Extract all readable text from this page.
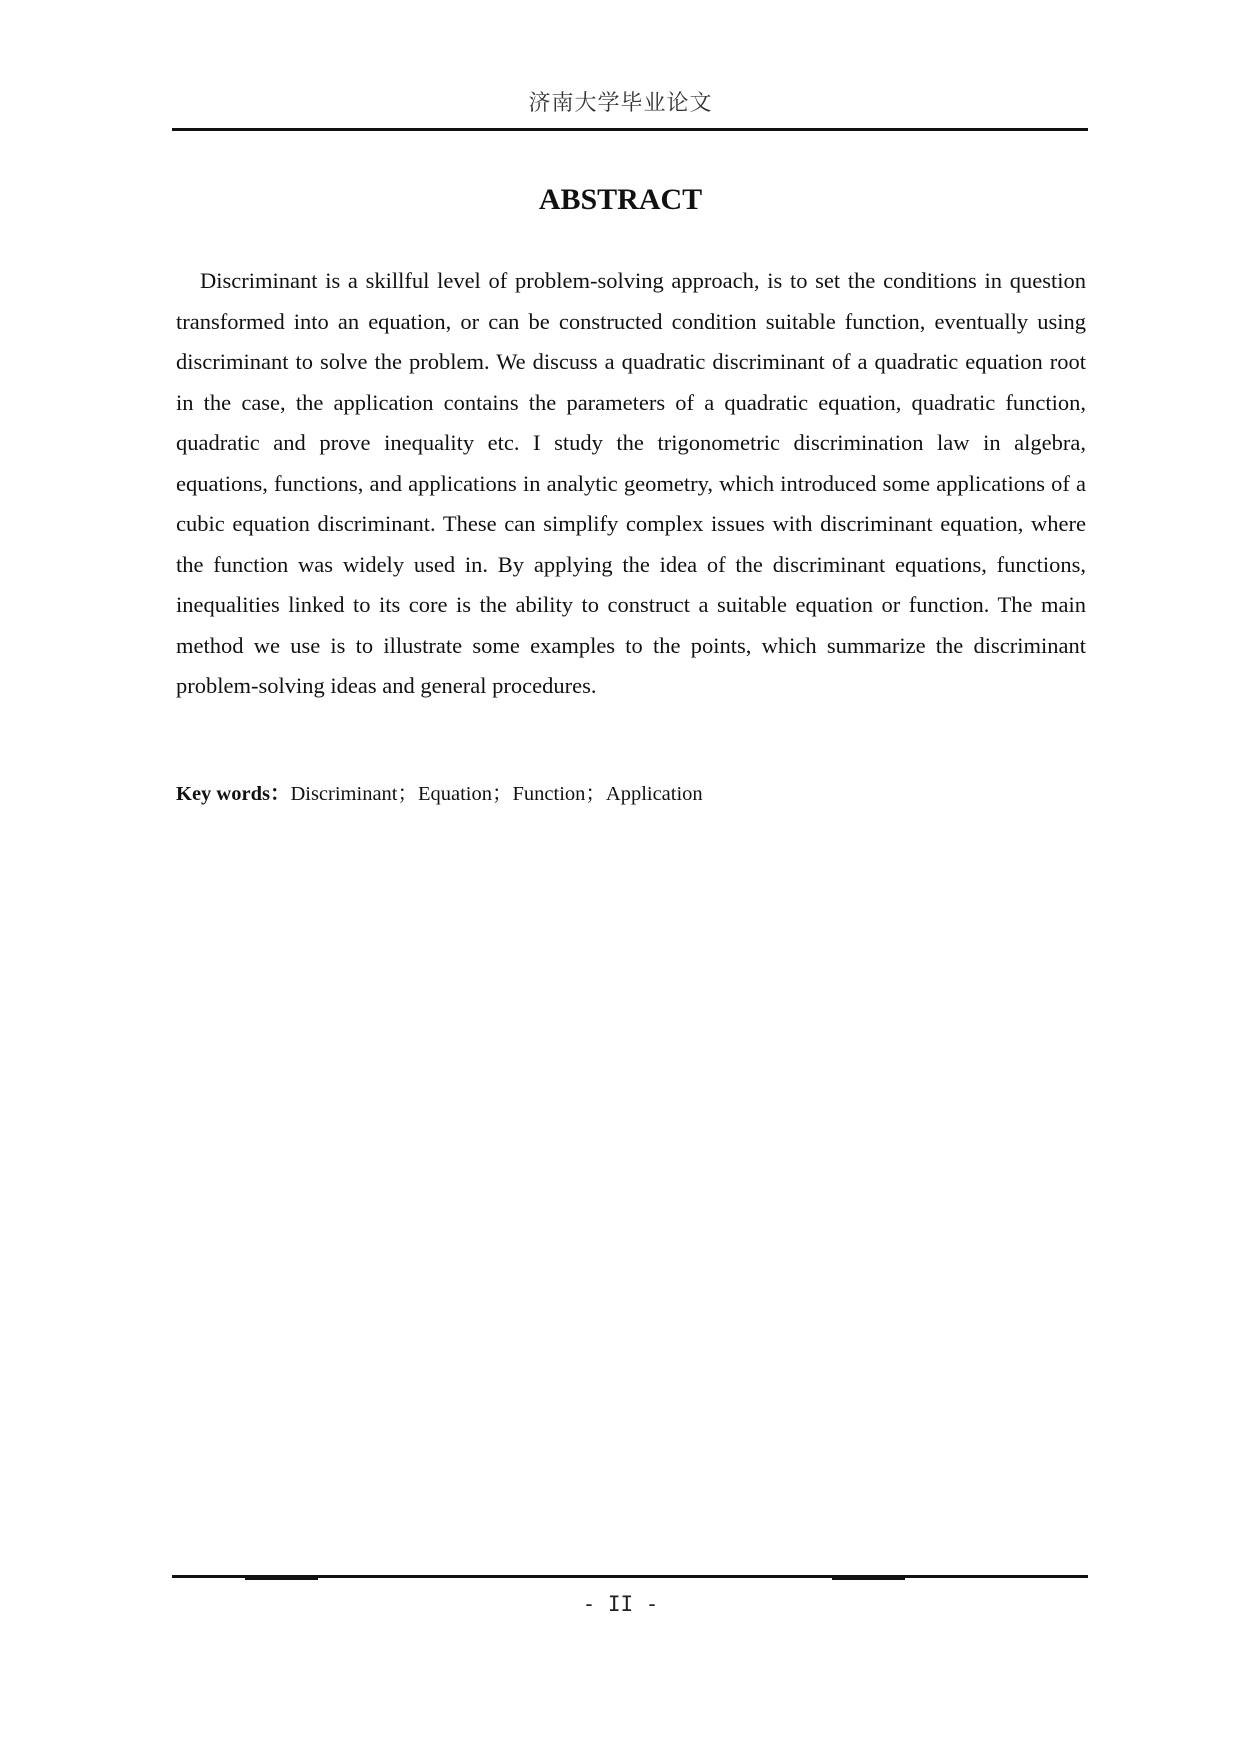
济南大学毕业论文
ABSTRACT

Discriminant is a skillful level of problem-solving approach, is to set the conditions in question transformed into an equation, or can be constructed condition suitable function, eventually using discriminant to solve the problem. We discuss a quadratic discriminant of a quadratic equation root in the case, the application contains the parameters of a quadratic equation, quadratic function, quadratic and prove inequality etc. I study the trigonometric discrimination law in algebra, equations, functions, and applications in analytic geometry, which introduced some applications of a cubic equation discriminant. These can simplify complex issues with discriminant equation, where the function was widely used in. By applying the idea of the discriminant equations, functions, inequalities linked to its core is the ability to construct a suitable equation or function. The main method we use is to illustrate some examples to the points, which summarize the discriminant problem-solving ideas and general procedures.

Key words：Discriminant；Equation；Function；Application
- II -
